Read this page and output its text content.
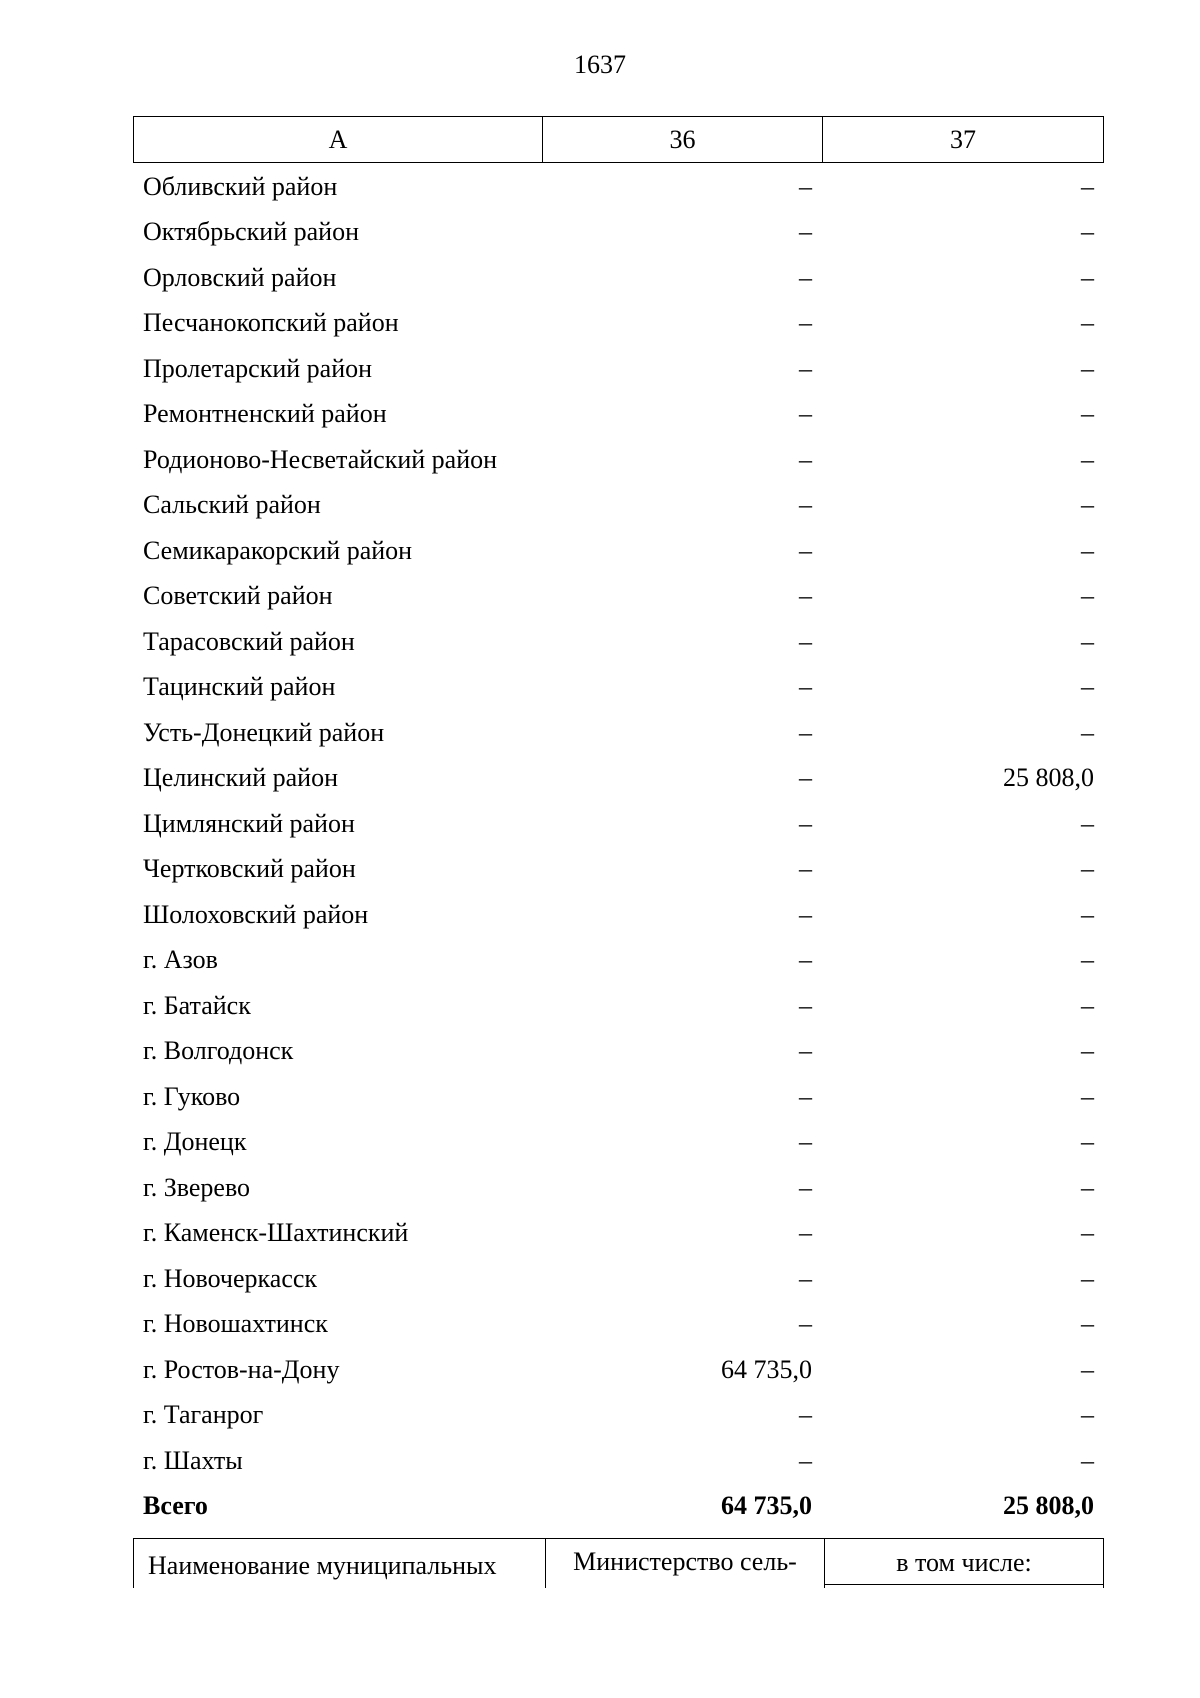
1637
А	36	37
Обливский район	–	–
Октябрьский район	–	–
Орловский район	–	–
Песчанокопский район	–	–
Пролетарский район	–	–
Ремонтненский район	–	–
Родионово-Несветайский район	–	–
Сальский район	–	–
Семикаракорский район	–	–
Советский район	–	–
Тарасовский район	–	–
Тацинский район	–	–
Усть-Донецкий район	–	–
Целинский район	–	25 808,0
Цимлянский район	–	–
Чертковский район	–	–
Шолоховский район	–	–
г. Азов	–	–
г. Батайск	–	–
г. Волгодонск	–	–
г. Гуково	–	–
г. Донецк	–	–
г. Зверево	–	–
г. Каменск-Шахтинский	–	–
г. Новочеркасск	–	–
г. Новошахтинск	–	–
г. Ростов-на-Дону	64 735,0	–
г. Таганрог	–	–
г. Шахты	–	–
Всего	64 735,0	25 808,0
Наименование муниципальных	Министерство сель-	в том числе:
